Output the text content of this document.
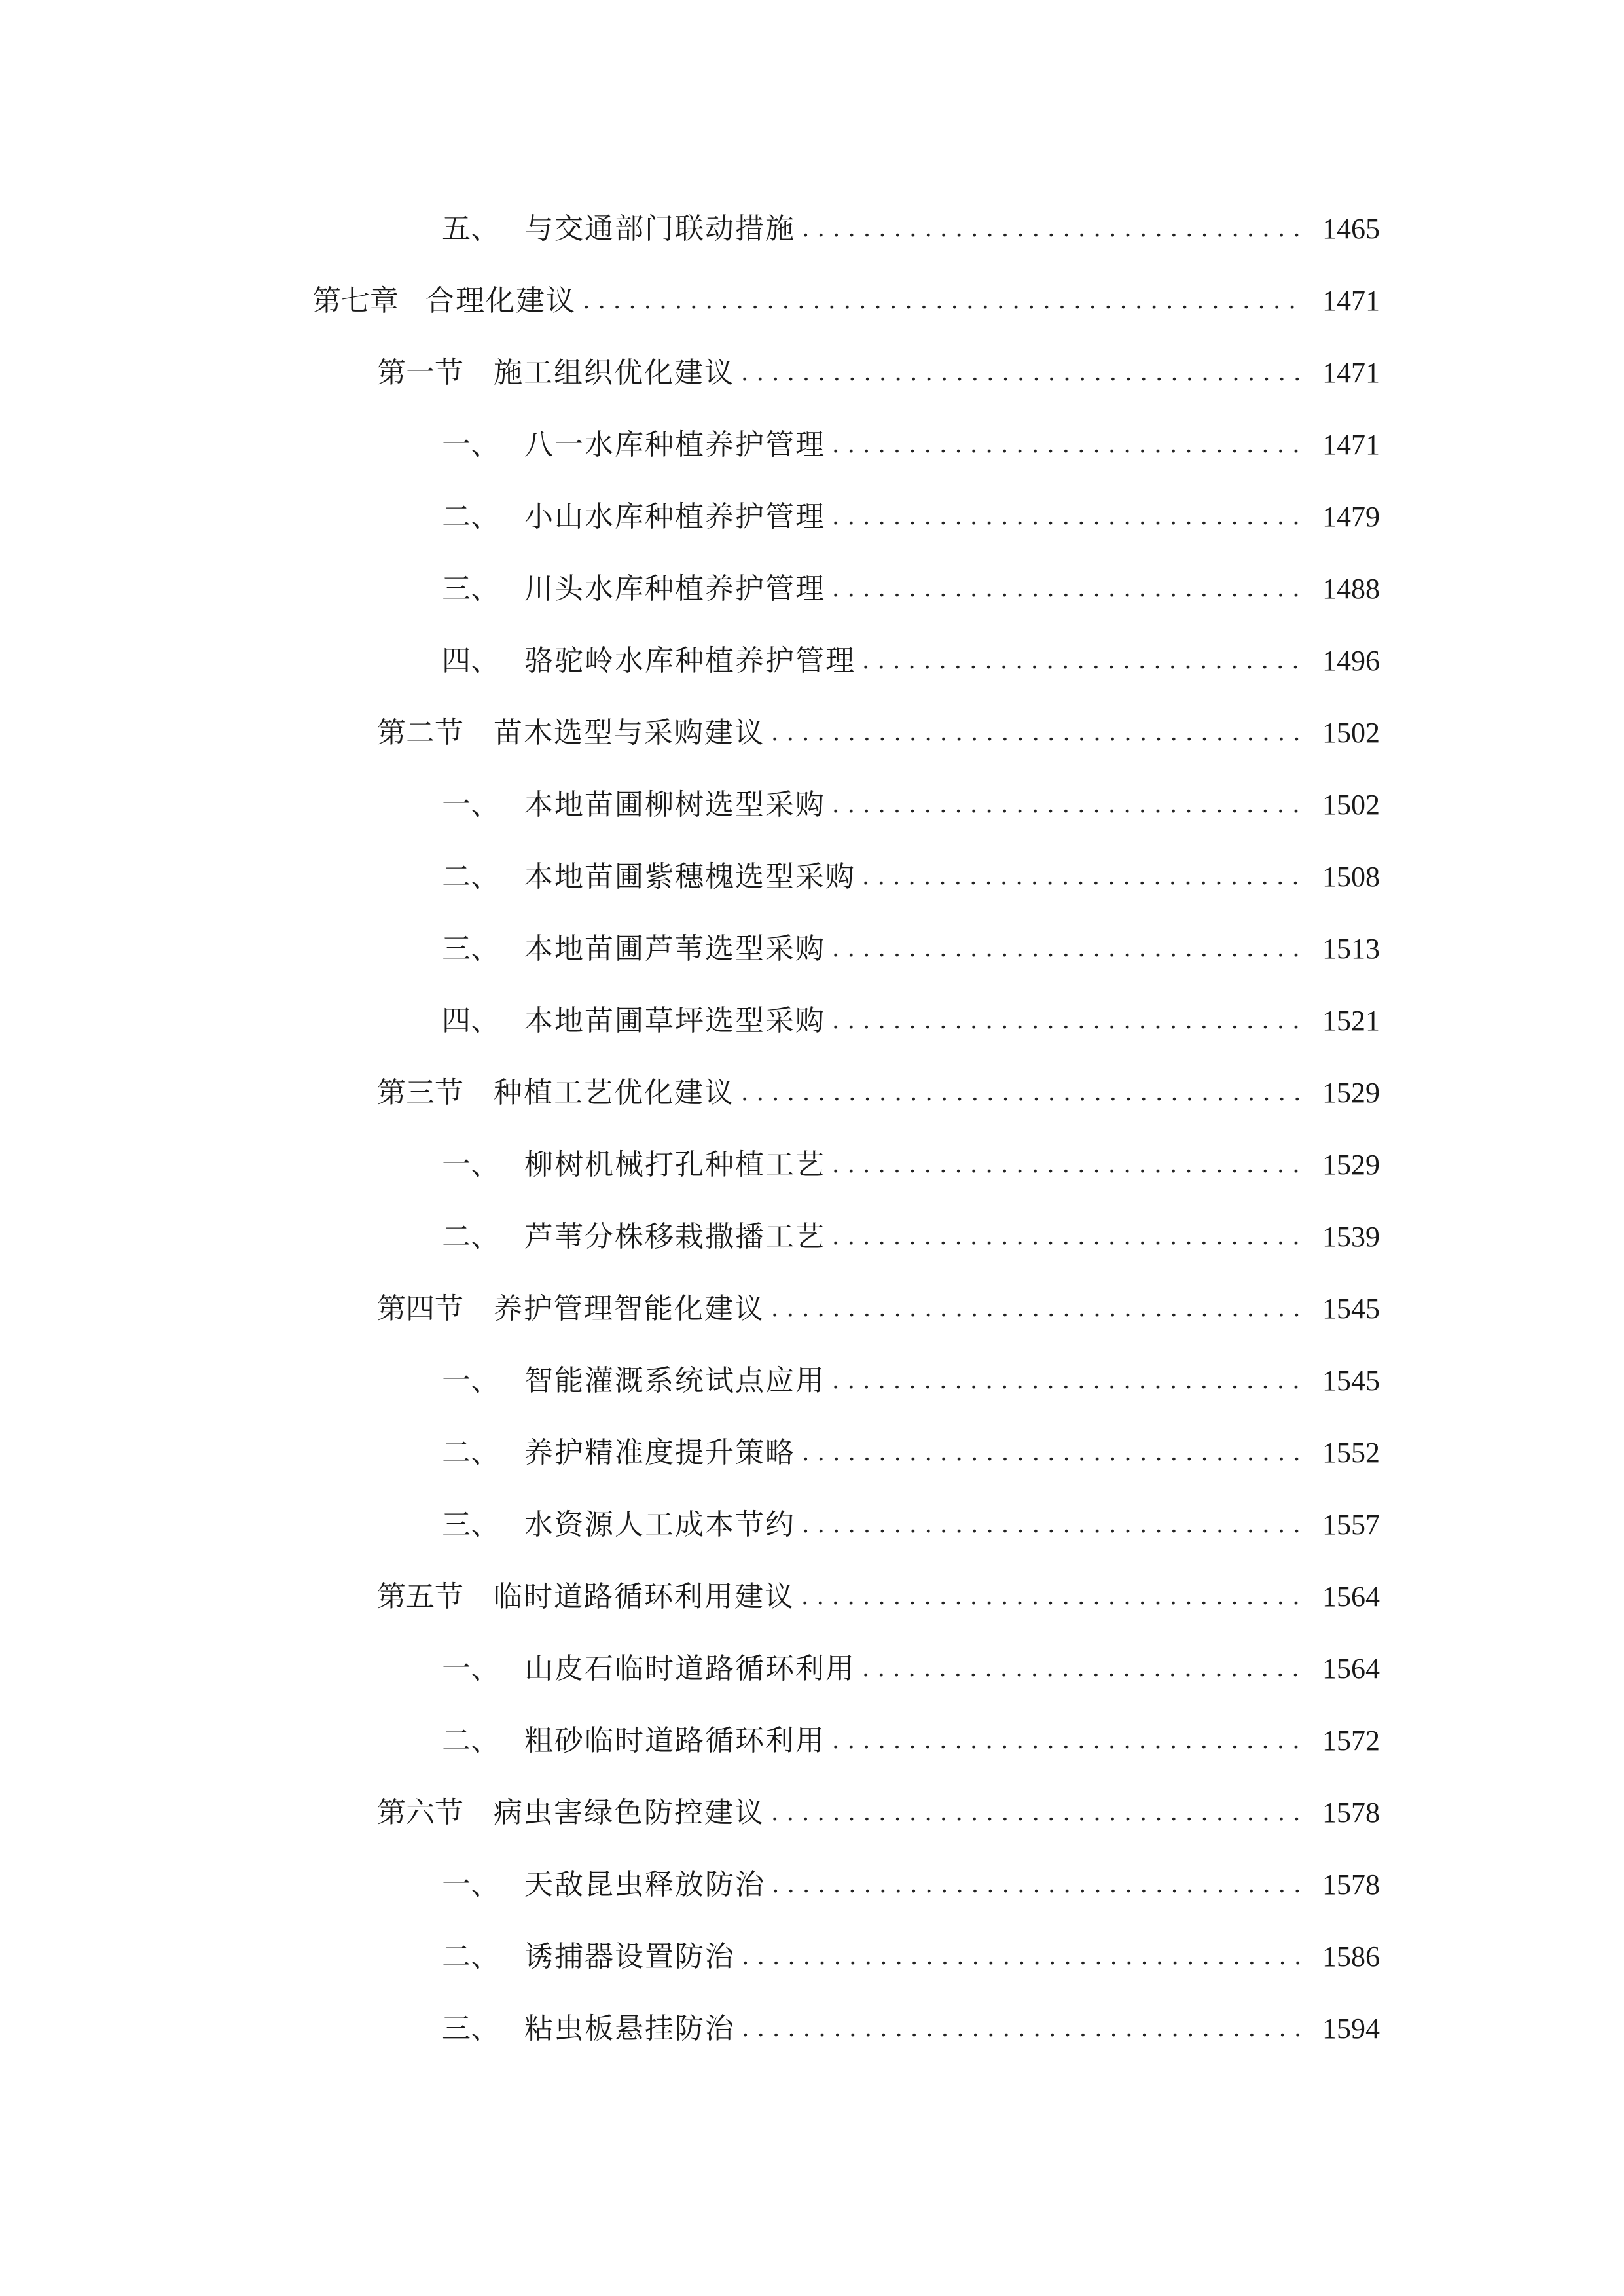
五、 与交通部门联动措施 .....	1465
第七章 合理化建议 .....	1471
第一节	施工组织优化建议 .....	1471
一、 八一水库种植养护管理 .....	1471
二、 小山水库种植养护管理 .....	1479
三、 川头水库种植养护管理 .....	1488
四、 骆驼岭水库种植养护管理 .....	1496
第二节	苗木选型与采购建议 .....	1502
一、 本地苗圃柳树选型采购 .....	1502
二、 本地苗圃紫穗槐选型采购 .....	1508
三、 本地苗圃芦苇选型采购 .....	1513
四、 本地苗圃草坪选型采购 .....	1521
第三节	种植工艺优化建议 .....	1529
一、 柳树机械打孔种植工艺 .....	1529
二、 芦苇分株移栽撒播工艺 .....	1539
第四节	养护管理智能化建议 .....	1545
一、 智能灌溉系统试点应用 .....	1545
二、 养护精准度提升策略 .....	1552
三、 水资源人工成本节约 .....	1557
第五节	临时道路循环利用建议 .....	1564
一、 山皮石临时道路循环利用 .....	1564
二、 粗砂临时道路循环利用 .....	1572
第六节	病虫害绿色防控建议 .....	1578
一、 天敌昆虫释放防治 .....	1578
二、 诱捕器设置防治 .....	1586
三、 粘虫板悬挂防治 .....	1594
